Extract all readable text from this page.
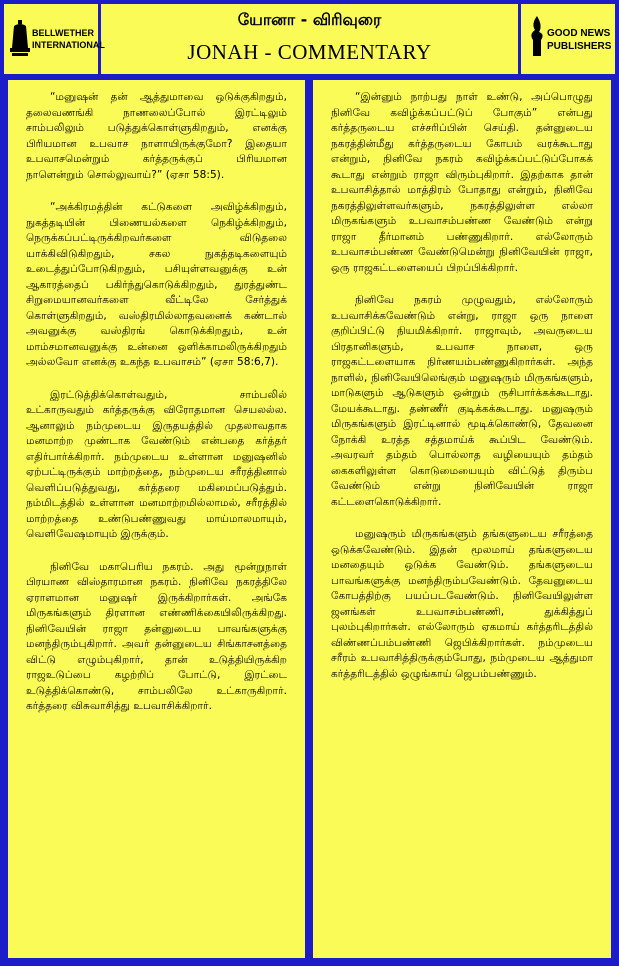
BELLWETHER
INTERNATIONAL
யோனா - விரிவுரை
JONAH - COMMENTARY
GOOD NEWS
PUBLISHERS

“மனுஷன் தன் ஆத்துமாவை ஒடுக்குகிறதும், தலைவணங்கி நாணலைப்போல் இரட்டிலும் சாம்பலிலும் படுத்துக்கொள்ளுகிறதும், எனக்கு பிரியமான உபவாச நாளாயிருக்குமோ? இதையா உபவாசமென்றும் கர்த்தருக்குப் பிரியமான நாளென்றும் சொல்லுவாய்?” (ஏசா 58:5).

“அக்கிரமத்தின் கட்டுகளை அவிழ்க்கிறதும், நுகத்தடியின் பிணையல்களை நெகிழ்க்கிறதும், நெருக்கப்பட்டிருக்கிறவர்களை விடுதலை யாக்கிவிடுகிறதும், சகல நுகத்தடிகளையும் உடைத்துப்போடுகிறதும், பசியுள்ளவனுக்கு உன் ஆகாரத்தைப் பகிர்ந்துகொடுக்கிறதும், துரத்துண்ட சிறுமையானவர்களை வீட்டிலே சேர்த்துக் கொள்ளுகிறதும், வஸ்திரமில்லாதவனைக் கண்டால் அவனுக்கு வஸ்திரங் கொடுக்கிறதும், உன் மாம்சமானவனுக்கு உன்னை ஒளிக்காமலிருக்கிறதும் அல்லவோ எனக்கு உகந்த உபவாசம்” (ஏசா 58:6,7).

இரட்டுத்திக்கொள்வதும், சாம்பலில் உட்காருவதும் கர்த்தருக்கு விரோதமான செயலல்ல. ஆனாலும் நம்முடைய இருதயத்தில் முதலாவதாக மனமாற்ற முண்டாக வேண்டும் என்பதை கர்த்தர் எதிர்பார்க்கிறார். நம்முடைய உள்ளான மனுஷனில் ஏற்பட்டிருக்கும் மாற்றத்தை, நம்முடைய சரீரத்தினால் வெளிப்படுத்துவது, கர்த்தரை மகிமைப்படுத்தும். நம்மிடத்தில் உள்ளான மனமாற்றமில்லாமல், சரீரத்தில் மாற்றத்தை உண்டுபண்ணுவது மாய்மாலமாயும், வெளிவேஷமாயும் இருக்கும்.

நினிவே மகாபெரிய நகரம். அது மூன்றுநாள் பிரயாண விஸ்தாரமான நகரம். நினிவே நகரத்திலே ஏராளமான மனுஷர் இருக்கிறார்கள். அங்கே மிருகங்களும் திரளான எண்ணிக்கையிலிருக்கிறது. நினிவேயின் ராஜா தன்னுடைய பாவங்களுக்கு மனந்திரும்புகிறார். அவர் தன்னுடைய சிங்காசனத்தை விட்டு எழும்புகிறார், தான் உடுத்தியிருக்கிற ராஜஉடுப்பை கழற்றிப் போட்டு, இரட்டை உடுத்திக்கொண்டு, சாம்பலிலே உட்காருகிறார். கர்த்தரை விசுவாசித்து உபவாசிக்கிறார்.

“இன்னும் நாற்பது நாள் உண்டு, அப்பொழுது நினிவே கவிழ்க்கப்பட்டுப் போகும்” என்பது கர்த்தருடைய எச்சரிப்பின் செய்தி. தன்னுடைய நகரத்தின்மீது கர்த்தருடைய கோபம் வரக்கூடாது என்றும், நினிவே நகரம் கவிழ்க்கப்பட்டுப்போகக் கூடாது என்றும் ராஜா விரும்புகிறார். இதற்காக தான் உபவாசித்தால் மாத்திரம் போதாது என்றும், நினிவே நகரத்திலுள்ளவர்களும், நகரத்திலுள்ள எல்லா மிருகங்களும் உபவாசம்பண்ண வேண்டும் என்று ராஜா தீர்மானம் பண்ணுகிறார். எல்லோரும் உபவாசம்பண்ண வேண்டுமென்று நினிவேயின் ராஜா, ஒரு ராஜகட்டளையைப் பிறப்பிக்கிறார்.

நினிவே நகரம் முழுவதும், எல்லோரும் உபவாசிக்கவேண்டும் என்று, ராஜா ஒரு நாளை குறிப்பிட்டு நியமிக்கிறார். ராஜாவும், அவருடைய பிரதானிகளும், உபவாச நாளை, ஒரு ராஜகட்டளையாக நிர்ணயம்பண்ணுகிறார்கள். அந்த நாளில், நினிவேயிலெங்கும் மனுஷரும் மிருகங்களும், மாடுகளும் ஆடுகளும் ஒன்றும் ருசிபார்க்கக்கூடாது. மேயக்கூடாது. தண்ணீர் குடிக்கக்கூடாது. மனுஷரும் மிருகங்களும் இரட்டினால் மூடிக்கொண்டு, தேவனை நோக்கி உரத்த சத்தமாய்க் கூப்பிட வேண்டும். அவரவர் தம்தம் பொல்லாத வழியையும் தம்தம் கைகளிலுள்ள கொடுமையையும் விட்டுத் திரும்ப வேண்டும் என்று நினிவேயின் ராஜா கட்டளைகொடுக்கிறார்.

மனுஷரும் மிருகங்களும் தங்களுடைய சரீரத்தை ஒடுக்கவேண்டும். இதன் மூலமாய் தங்களுடைய மனதையும் ஒடுக்க வேண்டும். தங்களுடைய பாவங்களுக்கு மனந்திரும்பவேண்டும். தேவனுடைய கோபத்திற்கு பயப்படவேண்டும். நினிவேயிலுள்ள ஜனங்கள் உபவாசம்பண்ணி, துக்கித்துப் புலம்புகிறார்கள். எல்லோரும் ஏகமாய் கர்த்தரிடத்தில் விண்ணப்பம்பண்ணி ஜெபிக்கிறார்கள். நம்முடைய சரீரம் உபவாசித்திருக்கும்போது, நம்முடைய ஆத்துமா கர்த்தரிடத்தில் ஒழுங்காய் ஜெபம்பண்ணும்.
